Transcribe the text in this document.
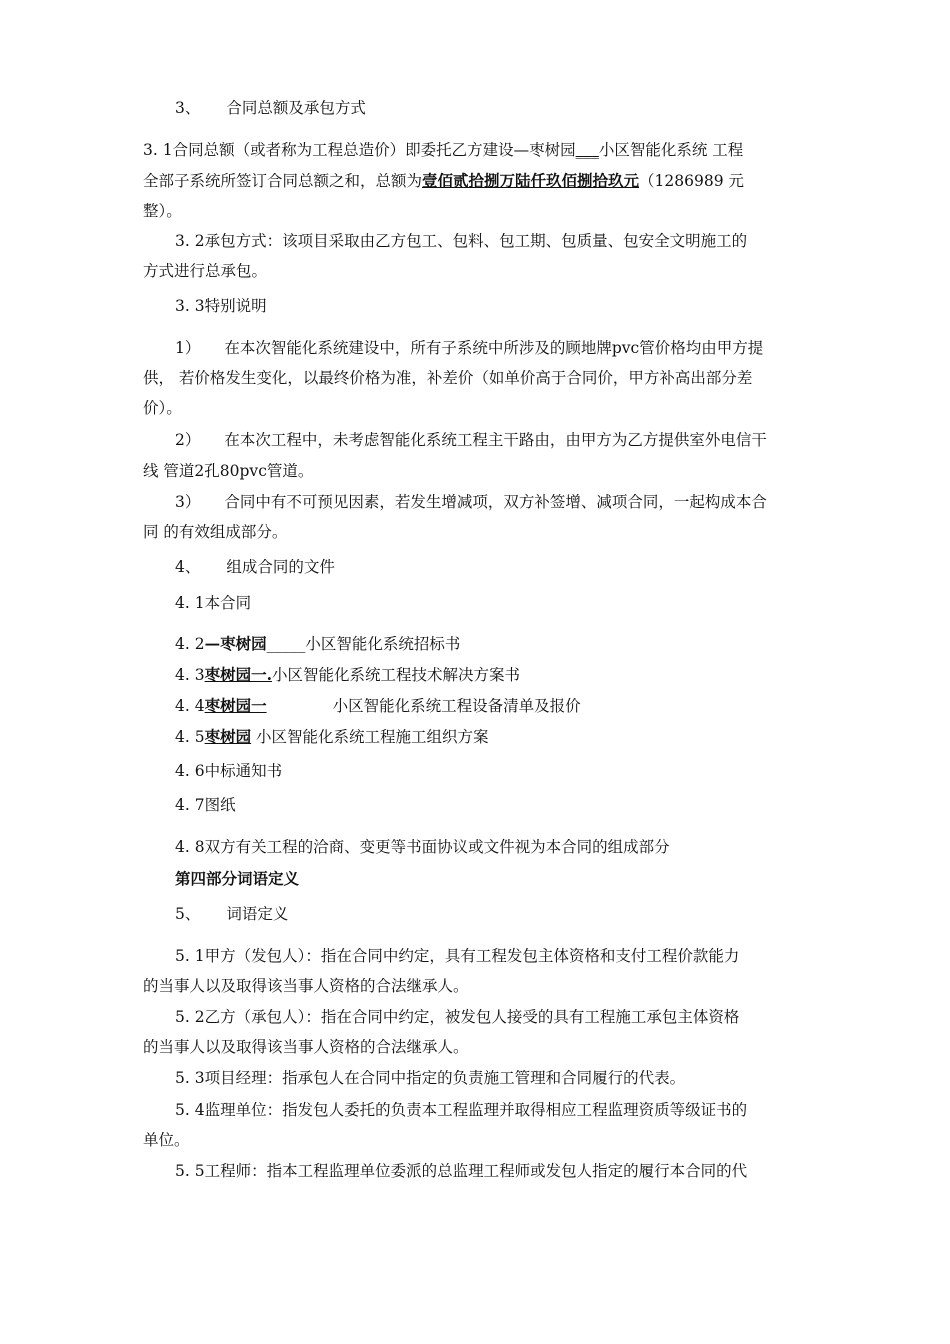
3、 合同总额及承包方式
3. 1合同总额（或者称为工程总造价）即委托乙方建设—枣树园___小区智能化系统 工程
全部子系统所签订合同总额之和，总额为壹佰贰拾捌万陆仟玖佰捌拾玖元（1286989 元
整）。
3. 2承包方式：该项目采取由乙方包工、包料、包工期、包质量、包安全文明施工的
方式进行总承包。
3. 3特别说明
1） 在本次智能化系统建设中，所有子系统中所涉及的顾地牌pvc管价格均由甲方提
供， 若价格发生变化，以最终价格为准，补差价（如单价高于合同价，甲方补高出部分差
价）。
2） 在本次工程中，未考虑智能化系统工程主干路由，由甲方为乙方提供室外电信干
线 管道2孔80pvc管道。
3） 合同中有不可预见因素，若发生增减项，双方补签增、减项合同，一起构成本合
同 的有效组成部分。
4、 组成合同的文件
4. 1本合同
4. 2—枣树园_____小区智能化系统招标书
4. 3枣树园一.小区智能化系统工程技术解决方案书
4. 4枣树园一	小区智能化系统工程设备清单及报价
4. 5枣树园 小区智能化系统工程施工组织方案
4. 6中标通知书
4. 7图纸
4. 8双方有关工程的洽商、变更等书面协议或文件视为本合同的组成部分
第四部分词语定义
5、 词语定义
5. 1甲方（发包人）：指在合同中约定，具有工程发包主体资格和支付工程价款能力
的当事人以及取得该当事人资格的合法继承人。
5. 2乙方（承包人）：指在合同中约定，被发包人接受的具有工程施工承包主体资格
的当事人以及取得该当事人资格的合法继承人。
5. 3项目经理：指承包人在合同中指定的负责施工管理和合同履行的代表。
5. 4监理单位：指发包人委托的负责本工程监理并取得相应工程监理资质等级证书的
单位。
5. 5工程师：指本工程监理单位委派的总监理工程师或发包人指定的履行本合同的代
